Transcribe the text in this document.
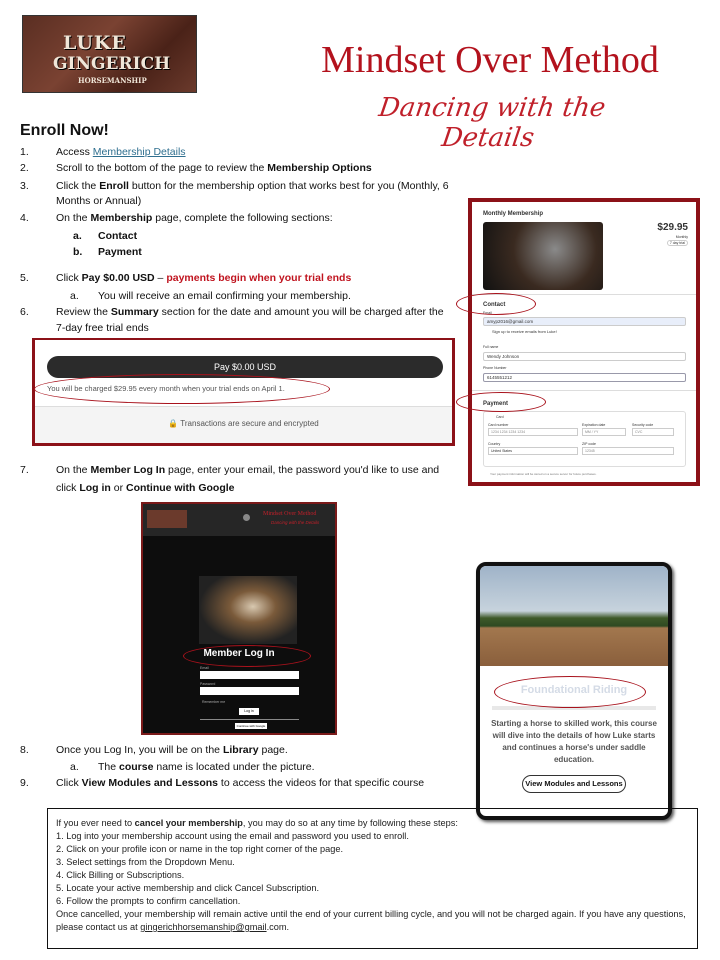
LUKE
GINGERICH
HORSEMANSHIP	Mindset Over Method
Dancing with the Details
Enroll Now!
1.	Access Membership Details
2.	Scroll to the bottom of the page to review the Membership Options
3.	Click the Enroll button for the membership option that works best for you (Monthly, 6
Months or Annual)
4.	On the Membership page, complete the following sections:
a. Contact
b. Payment
5.	Click Pay $0.00 USD – payments begin when your trial ends
a. You will receive an email confirming your membership.
6.	Review the Summary section for the date and amount you will be charged after the
7-day free trial ends
Pay $0.00 USD
You will be charged $29.95 every month when your trial ends on April 1.
🔒 Transactions are secure and encrypted
7.	On the Member Log In page, enter your email, the password you'd like to use and
click Log in or Continue with Google
Mindset Over Method
Dancing with the Details
Member Log In
Email
Password
Remember me
Log in
Continue with Google
8.	Once you Log In, you will be on the Library page.
a. The course name is located under the picture.
9.	Click View Modules and Lessons to access the videos for that specific course
Monthly Membership
$29.95
Monthly
7 day trial
Contact
Email
amyp2016@gmail.com
Sign up to receive emails from Luke!
Full name
Wendy Johnson
Phone Number
6145551212
Payment
Card
Card number
1234 1234 1234 1234
Expiration date
MM / YY
Security code
CVC
Country
United States
ZIP code
12345
Your payment information will be stored on a secure server for future purchases.
Foundational Riding
Starting a horse to skilled work, this course will dive into the details of how Luke starts and continues a horse's under saddle education.
View Modules and Lessons
If you ever need to cancel your membership, you may do so at any time by following these steps:
1. Log into your membership account using the email and password you used to enroll.
2. Click on your profile icon or name in the top right corner of the page.
3. Select settings from the Dropdown Menu.
4. Click Billing or Subscriptions.
5. Locate your active membership and click Cancel Subscription.
6. Follow the prompts to confirm cancellation.
Once cancelled, your membership will remain active until the end of your current billing cycle, and you will not be charged again. If you have any questions, please contact us at gingerichhorsemanship@gmail.com.
